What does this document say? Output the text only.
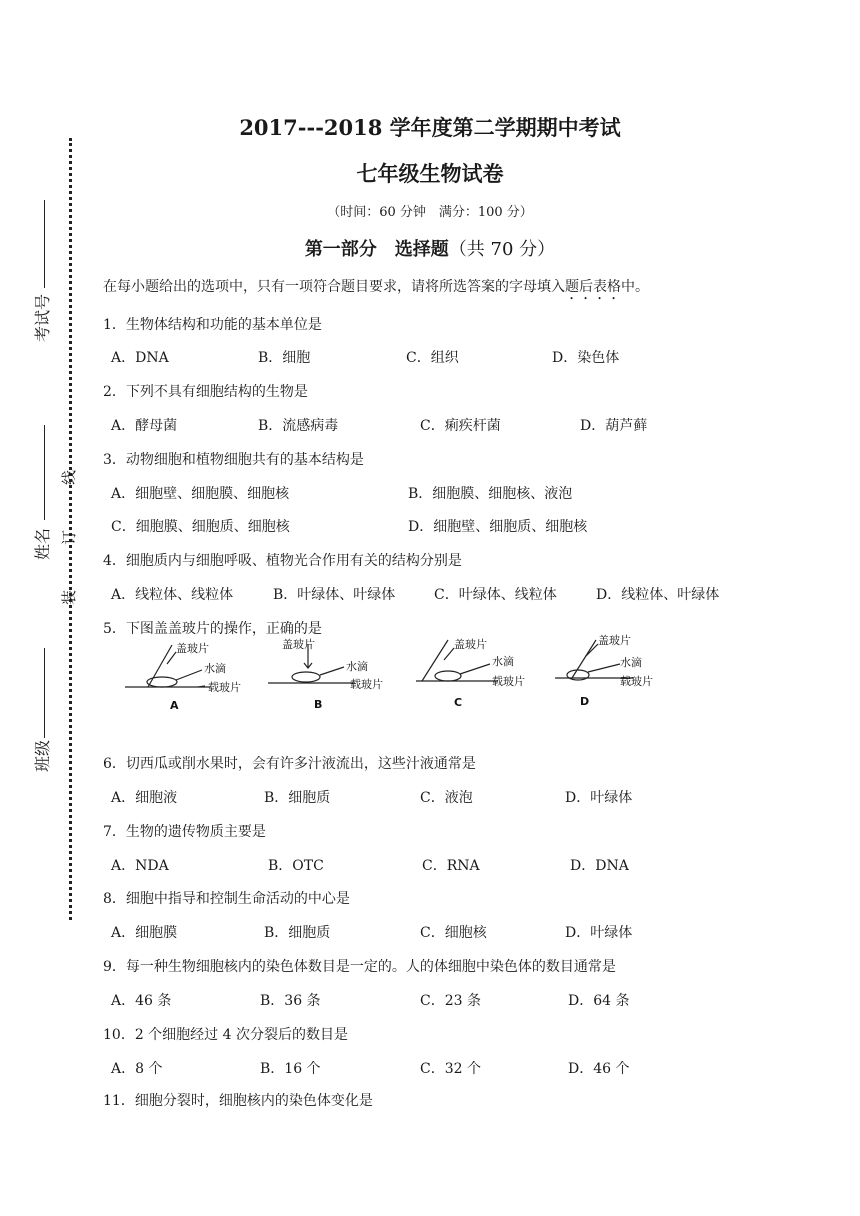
考试号
姓名
班级
线
订
装
2017---2018 学年度第二学期期中考试
七年级生物试卷
（时间：60 分钟　满分：100 分）
第一部分　选择题（共 70 分）
在每小题给出的选项中，只有一项符合题目要求，请将所选答案的字母填入题后表格中。
1．生物体结构和功能的基本单位是
A．DNA	B．细胞	C．组织	D．染色体
2．下列不具有细胞结构的生物是
A．酵母菌	B．流感病毒	C．痢疾杆菌	D．葫芦藓
3．动物细胞和植物细胞共有的基本结构是
A．细胞壁、细胞膜、细胞核	B．细胞膜、细胞核、液泡
C．细胞膜、细胞质、细胞核	D．细胞壁、细胞质、细胞核
4．细胞质内与细胞呼吸、植物光合作用有关的结构分别是
A．线粒体、线粒体	B．叶绿体、叶绿体	C．叶绿体、线粒体	D．线粒体、叶绿体
5．下图盖盖玻片的操作，正确的是
盖玻片
水滴
载玻片
盖玻片
水滴
载玻片
盖玻片
水滴
载玻片
盖玻片
水滴
载玻片
A	B	C	D
6．切西瓜或削水果时，会有许多汁液流出，这些汁液通常是
A．细胞液	B．细胞质	C．液泡	D．叶绿体
7．生物的遗传物质主要是
A．NDA	B．OTC	C．RNA	D．DNA
8．细胞中指导和控制生命活动的中心是
A．细胞膜	B．细胞质	C．细胞核	D．叶绿体
9．每一种生物细胞核内的染色体数目是一定的。人的体细胞中染色体的数目通常是
A．46 条	B．36 条	C．23 条	D．64 条
10．2 个细胞经过 4 次分裂后的数目是
A．8 个	B．16 个	C．32 个	D．46 个
11．细胞分裂时，细胞核内的染色体变化是
